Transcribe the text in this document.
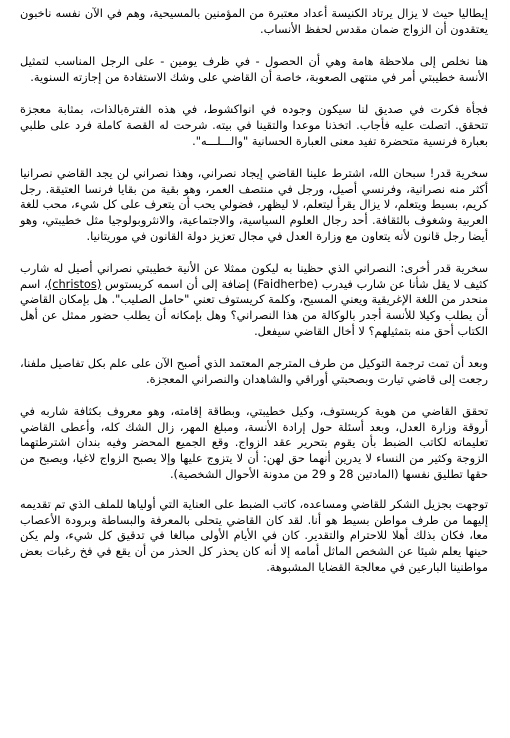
إيطاليا حيث لا يزال يرتاد الكنيسة أعداد معتبرة من المؤمنين بالمسيحية، وهم في الآن نفسه ناخبون يعتقدون أن الزواج ضمان مقدس لحفظ الأنساب.

هنا نخلص إلى ملاحظة هامة وهي أن الحصول - في ظرف يومين - على الرجل المناسب لتمثيل الأنسة خطيبتي أمر في منتهى الصعوبة، خاصة أن القاضي على وشك الاستفادة من إجازته السنوية.

فجأة فكرت في صديق لنا سيكون وجوده في انواكشوط، في هذه الفترةبالذات، بمثابة معجزة تتحقق. اتصلت عليه فأجاب. اتخذنا موعدا والتقينا في بيته. شرحت له القصة كاملة فرد على طلبي بعبارة فرنسية متحضرة تفيد معنى العبارة الحسانية "والـــلـــه".

سخرية قدر! سبحان الله، اشترط علينا القاضي إيجاد نصراني، وهذا نصراني لن يجد القاضي نصرانيا أكثر منه نصرانية، وفرنسي أصيل، ورجل في منتصف العمر، وهو بقية من بقايا فرنسا العتيقة. رجل كريم، بسيط ويتعلم، لا يزال يقرأ ليتعلم، لا ليظهر، فضولي يحب أن يتعرف على كل شيء، محب للغة العربية وشغوف بالثقافة. أحد رجال العلوم السياسية، والاجتماعية، والانثروبولوجيا مثل خطيبتي، وهو أيضا رجل قانون لأنه يتعاون مع وزارة العدل في مجال تعزيز دولة القانون في موريتانيا.

سخرية قدر أخرى: النصراني الذي حظينا به ليكون ممثلا عن الأنية خطيبتي نصراني أصيل له شارب كثيف لا يقل شأنا عن شارب فيدرب (Faidherbe) إضافة إلى أن اسمه كريستوس (christos)، اسم منحدر من اللغة الإغريقية ويعني المسيح، وكلمة كريستوف تعني "حامل الصليب". هل بإمكان القاضي أن يطلب وكيلا للأنسة أجدر بالوكالة من هذا النصراني؟ وهل بإمكانه أن يطلب حضور ممثل عن أهل الكتاب أحق منه بتمثيلهم؟ لا أخال القاضي سيفعل.

وبعد أن تمت ترجمة التوكيل من طرف المترجم المعتمد الذي أصبح الآن على علم بكل تفاصيل ملفنا، رجعت إلى قاضي تيارت وبصحبتي أوراقي والشاهدان والنصراني المعجزة.

تحقق القاضي من هوية كريستوف، وكيل خطيبتي، وبطاقة إقامته، وهو معروف بكثافة شاربه في أروقة وزارة العدل، وبعد أسئلة حول إرادة الأنسة، ومبلغ المهر، زال الشك كله، وأعطى القاضي تعليماته لكاتب الضبط بأن يقوم بتحرير عقد الزواج. وقع الجميع المحضر وفيه بندان اشترطتهما الزوجة وكثير من النساء لا يدرين أنهما حق لهن: أن لا يتزوج عليها وإلا يصبح الزواج لاغيا، ويصبح من حقها تطليق نفسها (المادتين 28 و 29 من مدونة الأحوال الشخصية).

توجهت بجزيل الشكر للقاضي ومساعده، كاتب الضبط على العناية التي أولياها للملف الذي تم تقديمه إليهما من طرف مواطن بسيط هو أنا. لقد كان القاضي يتحلى بالمعرفة والبساطة وبرودة الأعصاب معا، فكان بذلك أهلا للاحترام والتقدير. كان في الأيام الأولى مبالغا في تدقيق كل شيء، ولم يكن حينها يعلم شيئا عن الشخص الماثل أمامه إلا أنه كان يحذر كل الحذر من أن يقع في فخ رغبات بعض مواطنينا البارعين في معالجة القضايا المشبوهة.
